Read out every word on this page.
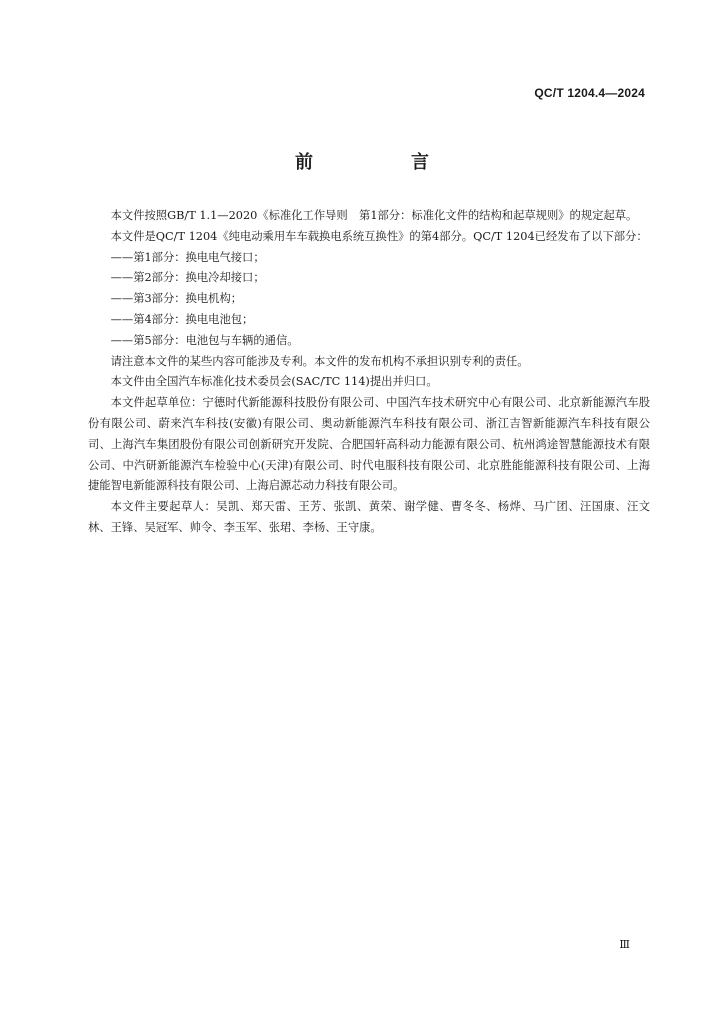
QC/T 1204.4—2024
前　言

本文件按照GB/T 1.1—2020《标准化工作导则　第1部分：标准化文件的结构和起草规则》的规定起草。

本文件是QC/T 1204《纯电动乘用车车载换电系统互换性》的第4部分。QC/T 1204已经发布了以下部分：

——第1部分：换电电气接口；

——第2部分：换电冷却接口；

——第3部分：换电机构；

——第4部分：换电电池包；

——第5部分：电池包与车辆的通信。

请注意本文件的某些内容可能涉及专利。本文件的发布机构不承担识别专利的责任。

本文件由全国汽车标准化技术委员会(SAC/TC 114)提出并归口。

本文件起草单位：宁德时代新能源科技股份有限公司、中国汽车技术研究中心有限公司、北京新能源汽车股份有限公司、蔚来汽车科技(安徽)有限公司、奥动新能源汽车科技有限公司、浙江吉智新能源汽车科技有限公司、上海汽车集团股份有限公司创新研究开发院、合肥国轩高科动力能源有限公司、杭州鸿途智慧能源技术有限公司、中汽研新能源汽车检验中心(天津)有限公司、时代电服科技有限公司、北京胜能能源科技有限公司、上海捷能智电新能源科技有限公司、上海启源芯动力科技有限公司。

本文件主要起草人：吴凯、郑天雷、王芳、张凯、黄荣、谢学健、曹冬冬、杨烨、马广团、汪国康、汪文林、王锋、吴冠军、帅令、李玉军、张珺、李杨、王守康。

Ⅲ
